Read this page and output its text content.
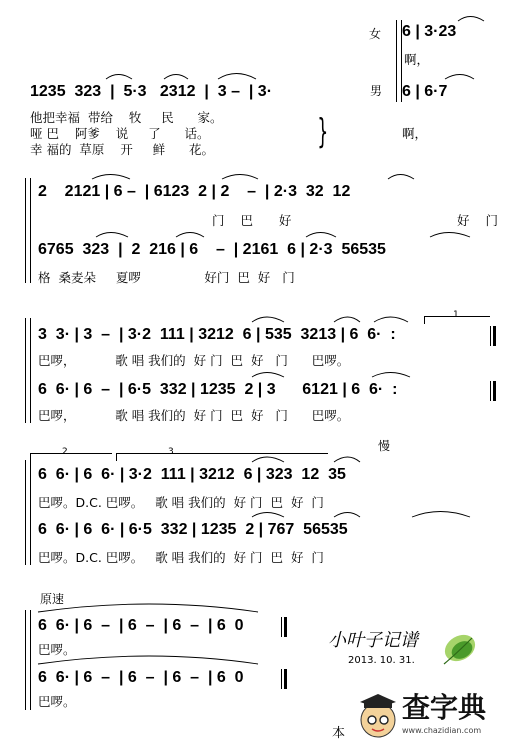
女 6 | 3·23
啊，
1235  323  |  5·3   2312  |  3 –  | 3·	男 6 | 6·7
他把幸福  带给    牧     民      家。
哑 巴    阿爹    说     了      话。
幸 福的  草原    开     鲜      花。	}	啊，
2    2121 | 6 –  | 6123  2 | 2    –  | 2·3  32  12
门 巴  好                好 门
6765  323  |  2  216 | 6    –  | 2161  6 | 2·3  56535
格  桑麦朵     夏啰                好门  巴  好   门
1
3  3· | 3  –  | 3·2  111 | 3212  6 | 535  3213 | 6  6·  :
巴啰，          歌 唱 我们的  好 门  巴  好   门      巴啰。
6  6· | 6  –  | 6·5  332 | 1235  2 | 3      6121 | 6  6·  :
巴啰，          歌 唱 我们的  好 门  巴  好   门      巴啰。
2	3	慢
6  6· | 6  6· | 3·2  111 | 3212  6 | 323  12  35
巴啰。D.C. 巴啰。   歌 唱 我们的  好 门  巴  好  门
6  6· | 6  6· | 6·5  332 | 1235  2 | 767  56535
巴啰。D.C. 巴啰。   歌 唱 我们的  好 门  巴  好  门
原速
6  6· | 6  –  | 6  –  | 6  –  | 6  0
巴啰。
6  6· | 6  –  | 6  –  | 6  –  | 6  0
巴啰。
小叶子记谱
2013. 10. 31.
本
查字典
www.chazidian.com
